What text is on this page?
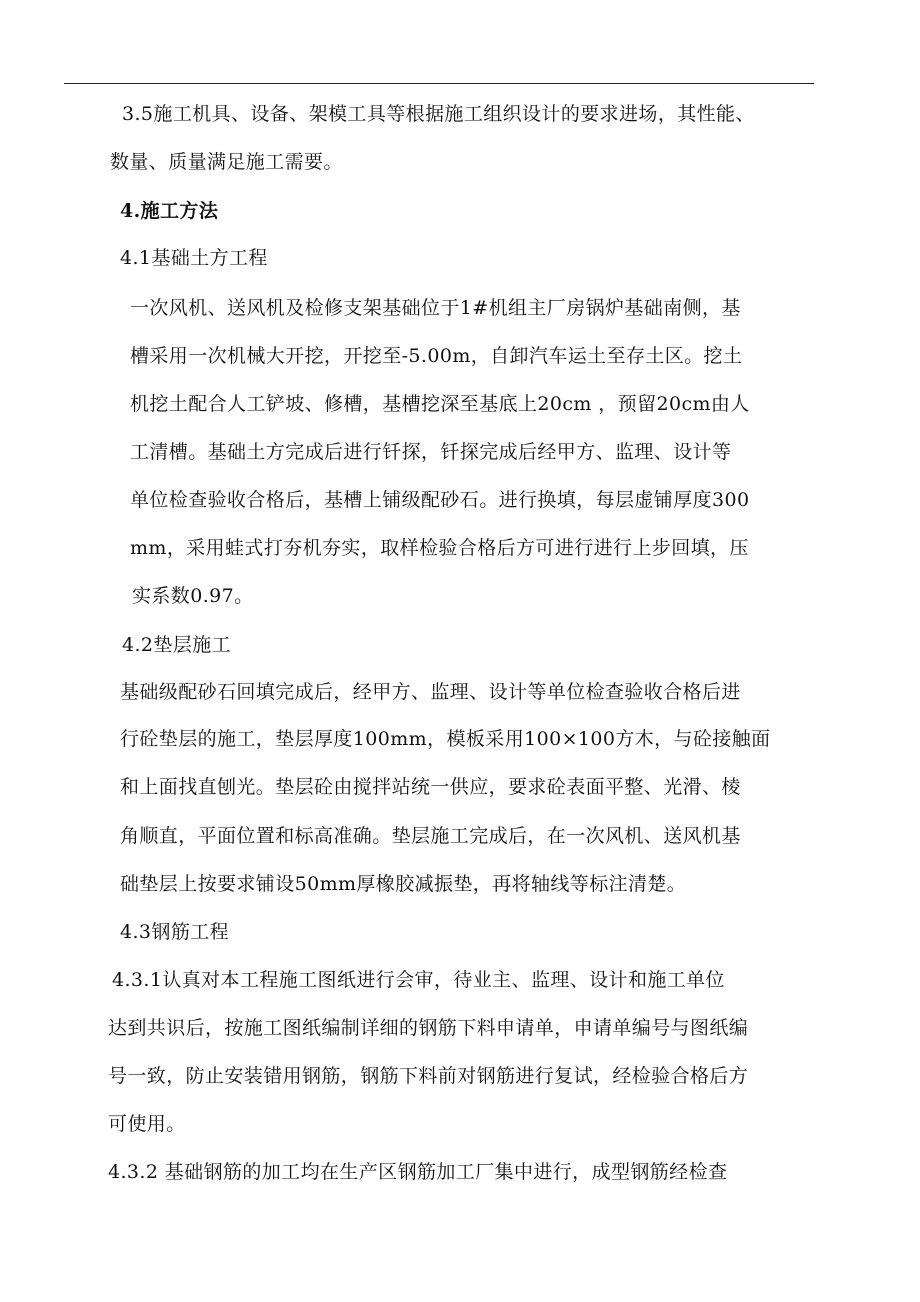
3.5施工机具、设备、架模工具等根据施工组织设计的要求进场，其性能、
数量、质量满足施工需要。
4.施工方法
4.1基础土方工程
一次风机、送风机及检修支架基础位于1#机组主厂房锅炉基础南侧，基
槽采用一次机械大开挖，开挖至-5.00m，自卸汽车运土至存土区。挖土
机挖土配合人工铲坡、修槽，基槽挖深至基底上20cm ，预留20cm由人
工清槽。基础土方完成后进行钎探，钎探完成后经甲方、监理、设计等
单位检查验收合格后，基槽上铺级配砂石。进行换填，每层虚铺厚度300
mm，采用蛙式打夯机夯实，取样检验合格后方可进行进行上步回填，压
实系数0.97。
4.2垫层施工
基础级配砂石回填完成后，经甲方、监理、设计等单位检查验收合格后进
行砼垫层的施工，垫层厚度100mm，模板采用100×100方木，与砼接触面
和上面找直刨光。垫层砼由搅拌站统一供应，要求砼表面平整、光滑、棱
角顺直，平面位置和标高准确。垫层施工完成后，在一次风机、送风机基
础垫层上按要求铺设50mm厚橡胶减振垫，再将轴线等标注清楚。
4.3钢筋工程
4.3.1认真对本工程施工图纸进行会审，待业主、监理、设计和施工单位
达到共识后，按施工图纸编制详细的钢筋下料申请单，申请单编号与图纸编
号一致，防止安装错用钢筋，钢筋下料前对钢筋进行复试，经检验合格后方
可使用。
4.3.2 基础钢筋的加工均在生产区钢筋加工厂集中进行，成型钢筋经检查
